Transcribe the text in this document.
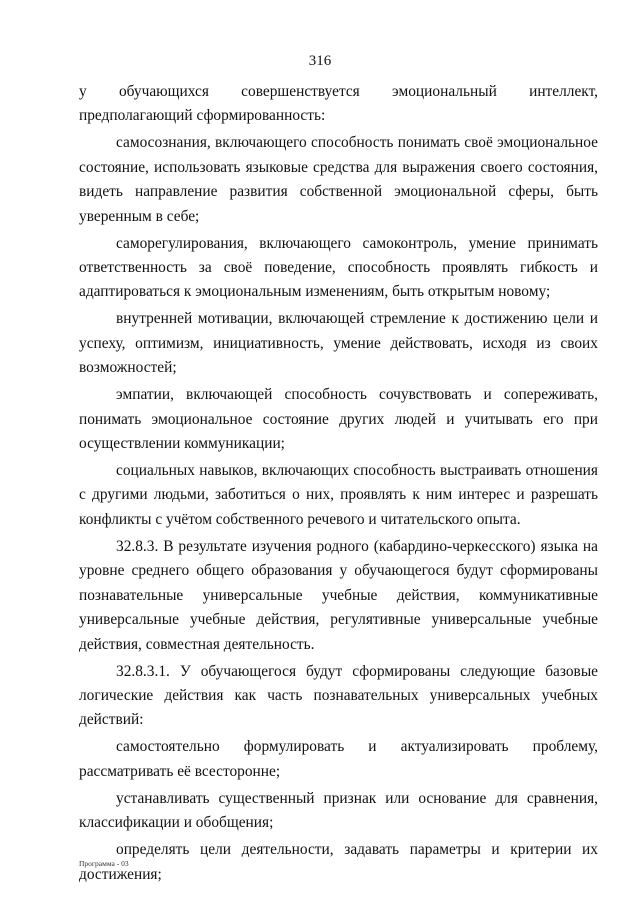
316

у обучающихся совершенствуется эмоциональный интеллект, предполагающий сформированность:

самосознания, включающего способность понимать своё эмоциональное состояние, использовать языковые средства для выражения своего состояния, видеть направление развития собственной эмоциональной сферы, быть уверенным в себе;

саморегулирования, включающего самоконтроль, умение принимать ответственность за своё поведение, способность проявлять гибкость и адаптироваться к эмоциональным изменениям, быть открытым новому;

внутренней мотивации, включающей стремление к достижению цели и успеху, оптимизм, инициативность, умение действовать, исходя из своих возможностей;

эмпатии, включающей способность сочувствовать и сопереживать, понимать эмоциональное состояние других людей и учитывать его при осуществлении коммуникации;

социальных навыков, включающих способность выстраивать отношения с другими людьми, заботиться о них, проявлять к ним интерес и разрешать конфликты с учётом собственного речевого и читательского опыта.

32.8.3. В результате изучения родного (кабардино-черкесского) языка на уровне среднего общего образования у обучающегося будут сформированы познавательные универсальные учебные действия, коммуникативные универсальные учебные действия, регулятивные универсальные учебные действия, совместная деятельность.

32.8.3.1. У обучающегося будут сформированы следующие базовые логические действия как часть познавательных универсальных учебных действий:

самостоятельно формулировать и актуализировать проблему, рассматривать её всесторонне;

устанавливать существенный признак или основание для сравнения, классификации и обобщения;

определять цели деятельности, задавать параметры и критерии их достижения;

Программа - 03
